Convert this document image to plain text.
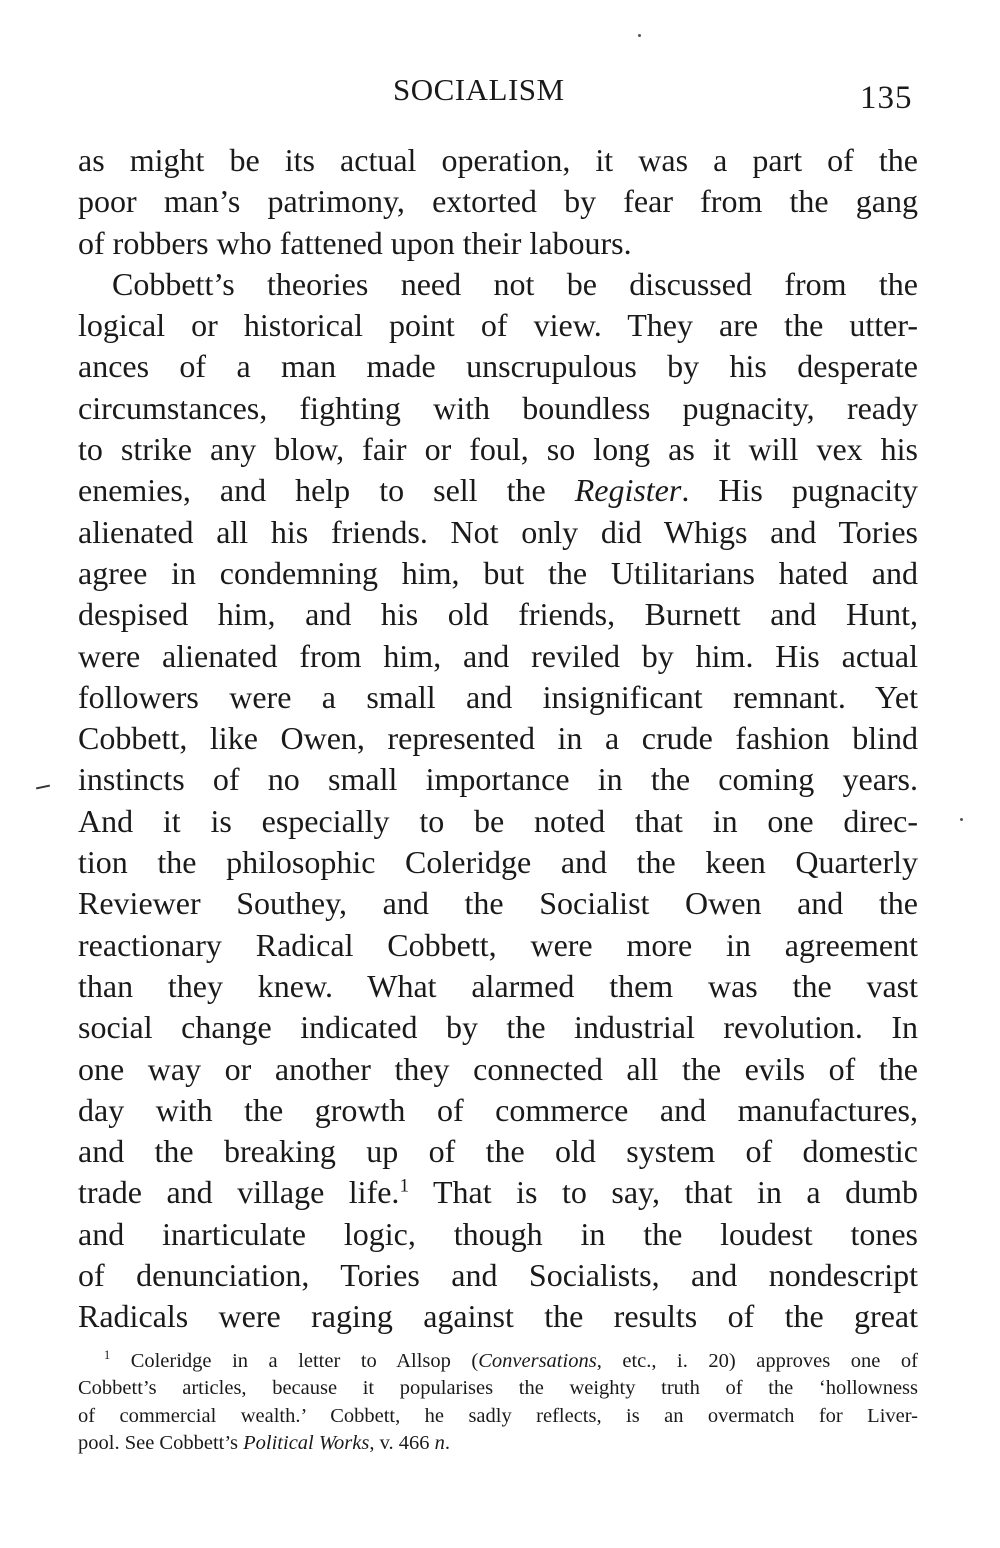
SOCIALISM	135
as might be its actual operation, it was a part of the
poor man’s patrimony, extorted by fear from the gang
of robbers who fattened upon their labours.
Cobbett’s theories need not be discussed from the
logical or historical point of view. They are the utter-
ances of a man made unscrupulous by his desperate
circumstances, fighting with boundless pugnacity, ready
to strike any blow, fair or foul, so long as it will vex his
enemies, and help to sell the Register. His pugnacity
alienated all his friends. Not only did Whigs and Tories
agree in condemning him, but the Utilitarians hated and
despised him, and his old friends, Burnett and Hunt,
were alienated from him, and reviled by him. His actual
followers were a small and insignificant remnant. Yet
Cobbett, like Owen, represented in a crude fashion blind
instincts of no small importance in the coming years.
And it is especially to be noted that in one direc-
tion the philosophic Coleridge and the keen Quarterly
Reviewer Southey, and the Socialist Owen and the
reactionary Radical Cobbett, were more in agreement
than they knew. What alarmed them was the vast
social change indicated by the industrial revolution. In
one way or another they connected all the evils of the
day with the growth of commerce and manufactures,
and the breaking up of the old system of domestic
trade and village life.$^1$ That is to say, that in a dumb
and inarticulate logic, though in the loudest tones
of denunciation, Tories and Socialists, and nondescript
Radicals were raging against the results of the great
$^1$ Coleridge in a letter to Allsop (Conversations, etc., i. 20) approves one of
Cobbett’s articles, because it popularises the weighty truth of the ‘hollowness
of commercial wealth.’ Cobbett, he sadly reflects, is an overmatch for Liver-
pool. See Cobbett’s Political Works, v. 466 n.
